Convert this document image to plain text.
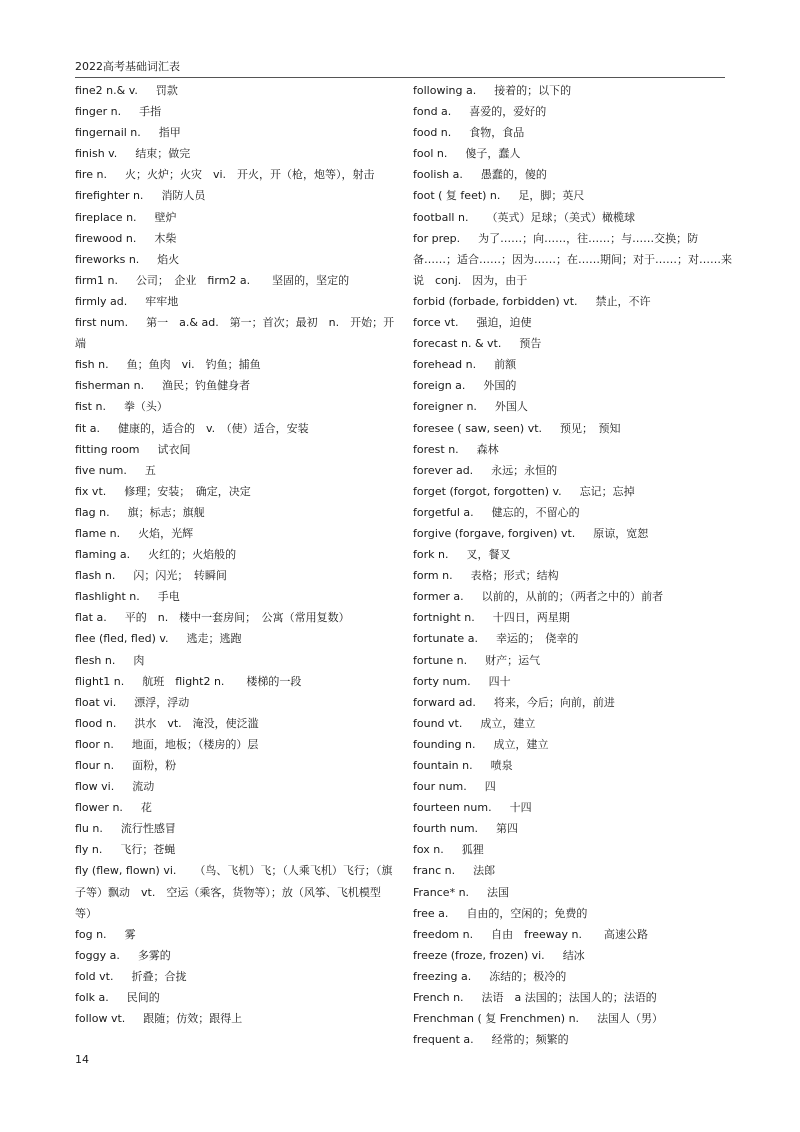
2022高考基础词汇表

fine2 n.& v. 罚款

finger n. 手指

fingernail n. 指甲

finish v. 结束；做完

fire n. 火；火炉；火灾　vi.　开火，开（枪，炮等），射击

firefighter n. 消防人员

fireplace n. 壁炉

firewood n. 木柴

fireworks n. 焰火

firm1 n. 公司；　企业　firm2 a.　　坚固的，坚定的

firmly ad. 牢牢地

first num. 第一　a.& ad.　第一；首次；最初　n.　开始；开端

fish n. 鱼；鱼肉　vi.　钓鱼；捕鱼

fisherman n. 渔民；钓鱼健身者

fist n. 拳（头）

fit a. 健康的，适合的　v.　（使）适合，安装

fitting room 试衣间

five num. 五

fix vt. 修理；安装；　确定，决定

flag n. 旗；标志；旗舰

flame n. 火焰，光辉

flaming a. 火红的；火焰般的

flash n. 闪；闪光；　转瞬间

flashlight n. 手电

flat a. 平的　n.　楼中一套房间；　公寓（常用复数）

flee (fled, fled) v. 逃走；逃跑

flesh n. 肉

flight1 n. 航班　flight2 n.　　楼梯的一段

float vi. 漂浮，浮动

flood n. 洪水　vt.　淹没，使泛滥

floor n. 地面，地板；（楼房的）层

flour n. 面粉，粉

flow vi. 流动

flower n. 花

flu n. 流行性感冒

fly n. 飞行；苍蝇

fly (flew, flown) vi. （鸟、飞机）飞；（人乘飞机）飞行；（旗子等）飘动　vt.　空运（乘客，货物等）；放（风筝、飞机模型等）

fog n. 雾

foggy a. 多雾的

fold vt. 折叠；合拢

folk a. 民间的

follow vt. 跟随；仿效；跟得上

following a. 接着的；以下的

fond a. 喜爱的，爱好的

food n. 食物，食品

fool n. 傻子，蠢人

foolish a. 愚蠢的，傻的

foot ( 复 feet) n. 足，脚；英尺

football n. （英式）足球；（美式）橄榄球

for prep. 为了……；向……，往……；与……交换；防备……；适合……；因为……；在……期间；对于……；对……来说　conj.　因为，由于

forbid (forbade, forbidden) vt. 禁止，不许

force vt. 强迫，迫使

forecast n. & vt. 预告

forehead n. 前额

foreign a. 外国的

foreigner n. 外国人

foresee ( saw, seen) vt. 预见；　预知

forest n. 森林

forever ad. 永远；永恒的

forget (forgot, forgotten) v. 忘记；忘掉

forgetful a. 健忘的，不留心的

forgive (forgave, forgiven) vt. 原谅，宽恕

fork n. 叉，餐叉

form n. 表格；形式；结构

former a. 以前的，从前的；（两者之中的）前者

fortnight n. 十四日，两星期

fortunate a. 幸运的；　侥幸的

fortune n. 财产；运气

forty num. 四十

forward ad. 将来，今后；向前，前进

found vt. 成立，建立

founding n. 成立，建立

fountain n. 喷泉

four num. 四

fourteen num. 十四

fourth num. 第四

fox n. 狐狸

franc n. 法郎

France* n. 法国

free a. 自由的，空闲的；免费的

freedom n. 自由　freeway n.　　高速公路

freeze (froze, frozen) vi. 结冰

freezing a. 冻结的；极冷的

French n. 法语　a 法国的；法国人的；法语的

Frenchman ( 复 Frenchmen) n. 法国人（男）

frequent a. 经常的；频繁的

14
